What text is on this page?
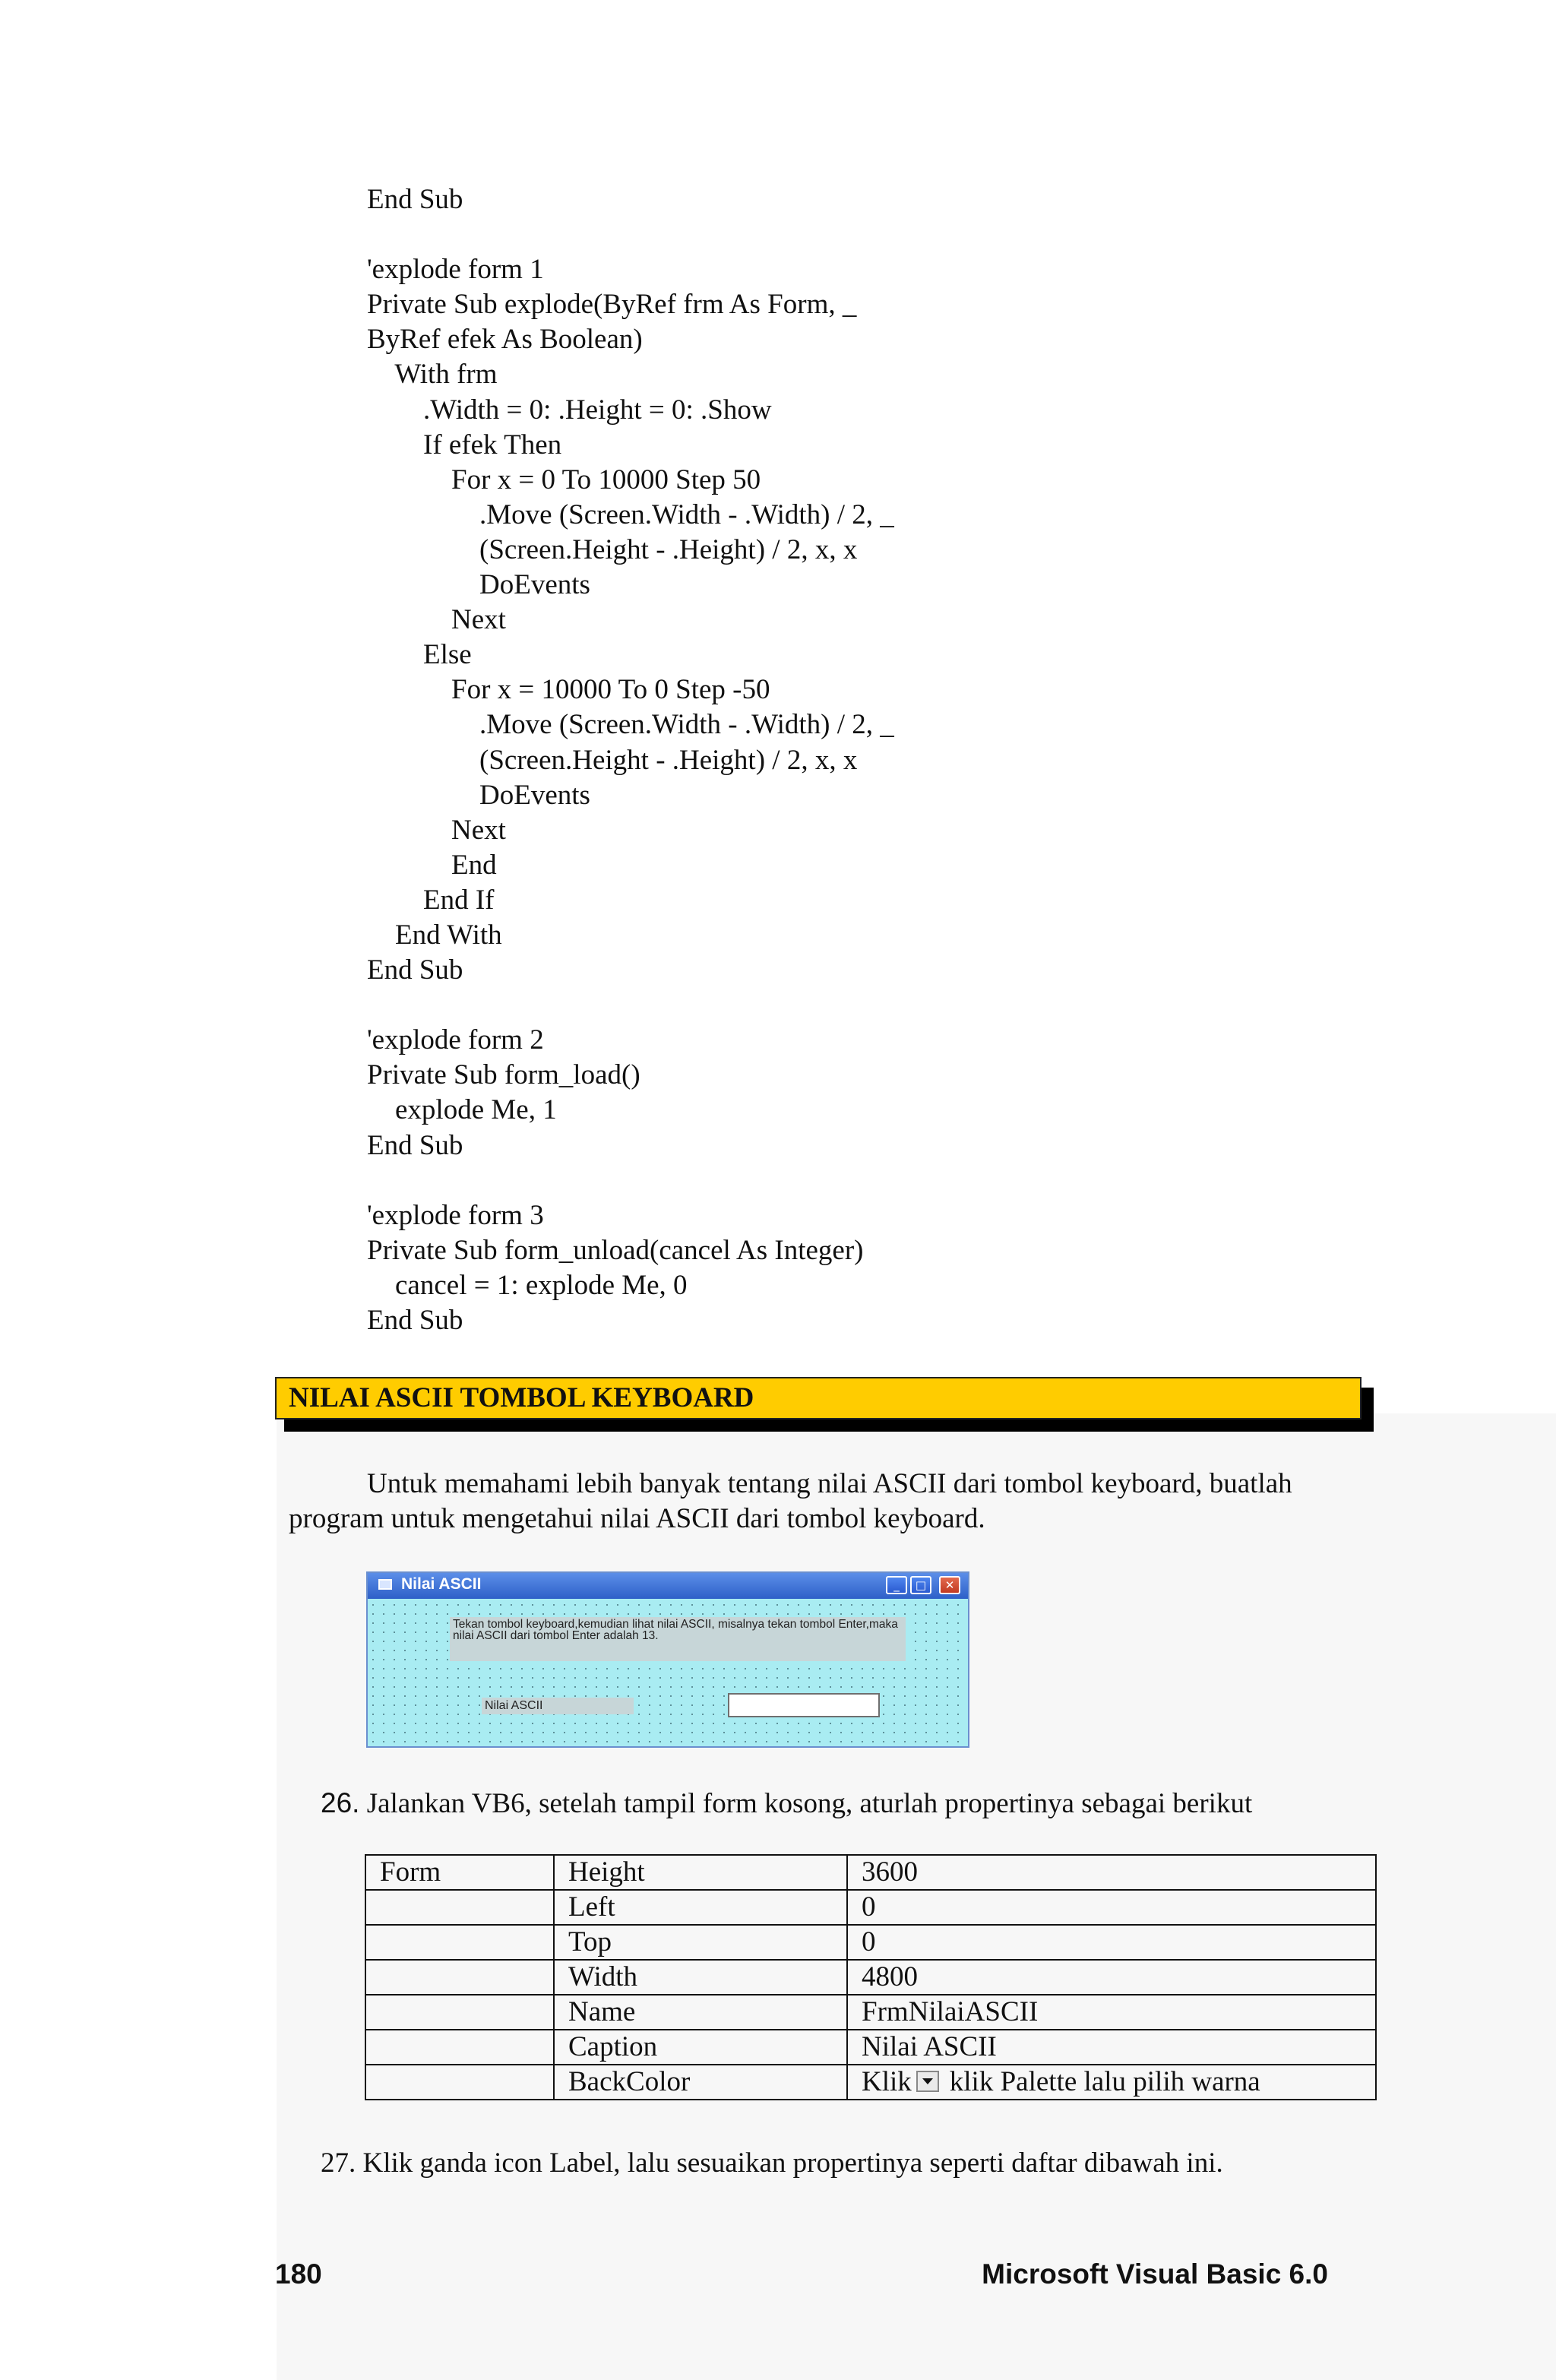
End Sub
'explode form 1
Private Sub explode(ByRef frm As Form, _
ByRef efek As Boolean)
With frm
.Width = 0: .Height = 0: .Show
If efek Then
For x = 0 To 10000 Step 50
.Move (Screen.Width - .Width) / 2, _
(Screen.Height - .Height) / 2, x, x
DoEvents
Next
Else
For x = 10000 To 0 Step -50
.Move (Screen.Width - .Width) / 2, _
(Screen.Height - .Height) / 2, x, x
DoEvents
Next
End
End If
End With
End Sub
'explode form 2
Private Sub form_load()
explode Me, 1
End Sub
'explode form 3
Private Sub form_unload(cancel As Integer)
cancel = 1: explode Me, 0
End Sub
NILAI ASCII TOMBOL KEYBOARD

Untuk memahami lebih banyak tentang nilai ASCII dari tombol keyboard, buatlah program untuk mengetahui nilai ASCII dari tombol keyboard.

Nilai ASCII	_	□	✕
Tekan tombol keyboard,kemudian lihat nilai ASCII, misalnya tekan tombol Enter,maka nilai ASCII dari tombol Enter adalah 13.
Nilai ASCII
26. Jalankan VB6, setelah tampil form kosong, aturlah propertinya sebagai berikut
Form	Height	3600
	Left	0
	Top	0
	Width	4800
	Name	FrmNilaiASCII
	Caption	Nilai ASCII
	BackColor	Klik klik Palette lalu pilih warna
27. Klik ganda icon Label, lalu sesuaikan propertinya seperti daftar dibawah ini.
180	Microsoft Visual Basic 6.0
